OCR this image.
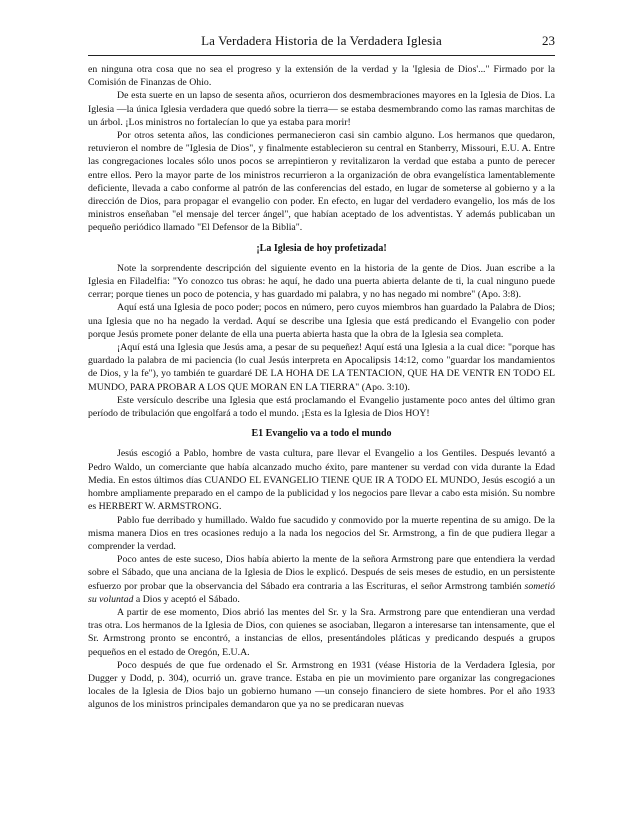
La Verdadera Historia de la Verdadera Iglesia	23

en ninguna otra cosa que no sea el progreso y la extensión de la verdad y la 'Iglesia de Dios'..." Firmado por la Comisión de Finanzas de Ohio.

De esta suerte en un lapso de sesenta años, ocurrieron dos desmembraciones mayores en la Iglesia de Dios. La Iglesia —la única Iglesia verdadera que quedó sobre la tierra— se estaba desmembrando como las ramas marchitas de un árbol. ¡Los ministros no fortalecían lo que ya estaba para morir!

Por otros setenta años, las condiciones permanecieron casi sin cambio alguno. Los hermanos que quedaron, retuvieron el nombre de "Iglesia de Dios", y finalmente establecieron su central en Stanberry, Missouri, E.U. A. Entre las congregaciones locales sólo unos pocos se arrepintieron y revitalizaron la verdad que estaba a punto de perecer entre ellos. Pero la mayor parte de los ministros recurrieron a la organización de obra evangelística lamentablemente deficiente, llevada a cabo conforme al patrón de las conferencias del estado, en lugar de someterse al gobierno y a la dirección de Dios, para propagar el evangelio con poder. En efecto, en lugar del verdadero evangelio, los más de los ministros enseñaban "el mensaje del tercer ángel", que habían aceptado de los adventistas. Y además publicaban un pequeño periódico llamado "El Defensor de la Biblia".

¡La Iglesia de hoy profetizada!

Note la sorprendente descripción del siguiente evento en la historia de la gente de Dios. Juan escribe a la Iglesia en Filadelfia: "Yo conozco tus obras: he aquí, he dado una puerta abierta delante de ti, la cual ninguno puede cerrar; porque tienes un poco de potencia, y has guardado mi palabra, y no has negado mi nombre" (Apo. 3:8).

Aquí está una Iglesia de poco poder; pocos en número, pero cuyos miembros han guardado la Palabra de Dios; una Iglesia que no ha negado la verdad. Aquí se describe una Iglesia que está predicando el Evangelio con poder porque Jesús promete poner delante de ella una puerta abierta hasta que la obra de la Iglesia sea completa.

¡Aquí está una Iglesia que Jesús ama, a pesar de su pequeñez! Aquí está una Iglesia a la cual dice: "porque has guardado la palabra de mi paciencia (lo cual Jesús interpreta en Apocalipsis 14:12, como "guardar los mandamientos de Dios, y la fe"), yo también te guardaré DE LA HOHA DE LA TENTACION, QUE HA DE VENTR EN TODO EL MUNDO, PARA PROBAR A LOS QUE MORAN EN LA TIERRA" (Apo. 3:10).

Este versículo describe una Iglesia que está proclamando el Evangelio justamente poco antes del último gran período de tribulación que engolfará a todo el mundo. ¡Esta es la Iglesia de Dios HOY!

E1 Evangelio va a todo el mundo

Jesús escogió a Pablo, hombre de vasta cultura, pare llevar el Evangelio a los Gentiles. Después levantó a Pedro Waldo, un comerciante que había alcanzado mucho éxito, pare mantener su verdad con vida durante la Edad Media. En estos últimos días CUANDO EL EVANGELIO TIENE QUE IR A TODO EL MUNDO, Jesús escogió a un hombre ampliamente preparado en el campo de la publicidad y los negocios pare llevar a cabo esta misión. Su nombre es HERBERT W. ARMSTRONG.

Pablo fue derribado y humillado. Waldo fue sacudido y conmovido por la muerte repentina de su amigo. De la misma manera Dios en tres ocasiones redujo a la nada los negocios del Sr. Armstrong, a fin de que pudiera llegar a comprender la verdad.

Poco antes de este suceso, Dios había abierto la mente de la señora Armstrong pare que entendiera la verdad sobre el Sábado, que una anciana de la Iglesia de Dios le explicó. Después de seis meses de estudio, en un persistente esfuerzo por probar que la observancia del Sábado era contraria a las Escrituras, el señor Armstrong también sometió su voluntad a Dios y aceptó el Sábado.

A partir de ese momento, Dios abrió las mentes del Sr. y la Sra. Armstrong pare que entendieran una verdad tras otra. Los hermanos de la Iglesia de Dios, con quienes se asociaban, llegaron a interesarse tan intensamente, que el Sr. Armstrong pronto se encontró, a instancias de ellos, presentándoles pláticas y predicando después a grupos pequeños en el estado de Oregón, E.U.A.

Poco después de que fue ordenado el Sr. Armstrong en 1931 (véase Historia de la Verdadera Iglesia, por Dugger y Dodd, p. 304), ocurrió un. grave trance. Estaba en pie un movimiento pare organizar las congregaciones locales de la Iglesia de Dios bajo un gobierno humano —un consejo financiero de siete hombres. Por el año 1933 algunos de los ministros principales demandaron que ya no se predicaran nuevas
